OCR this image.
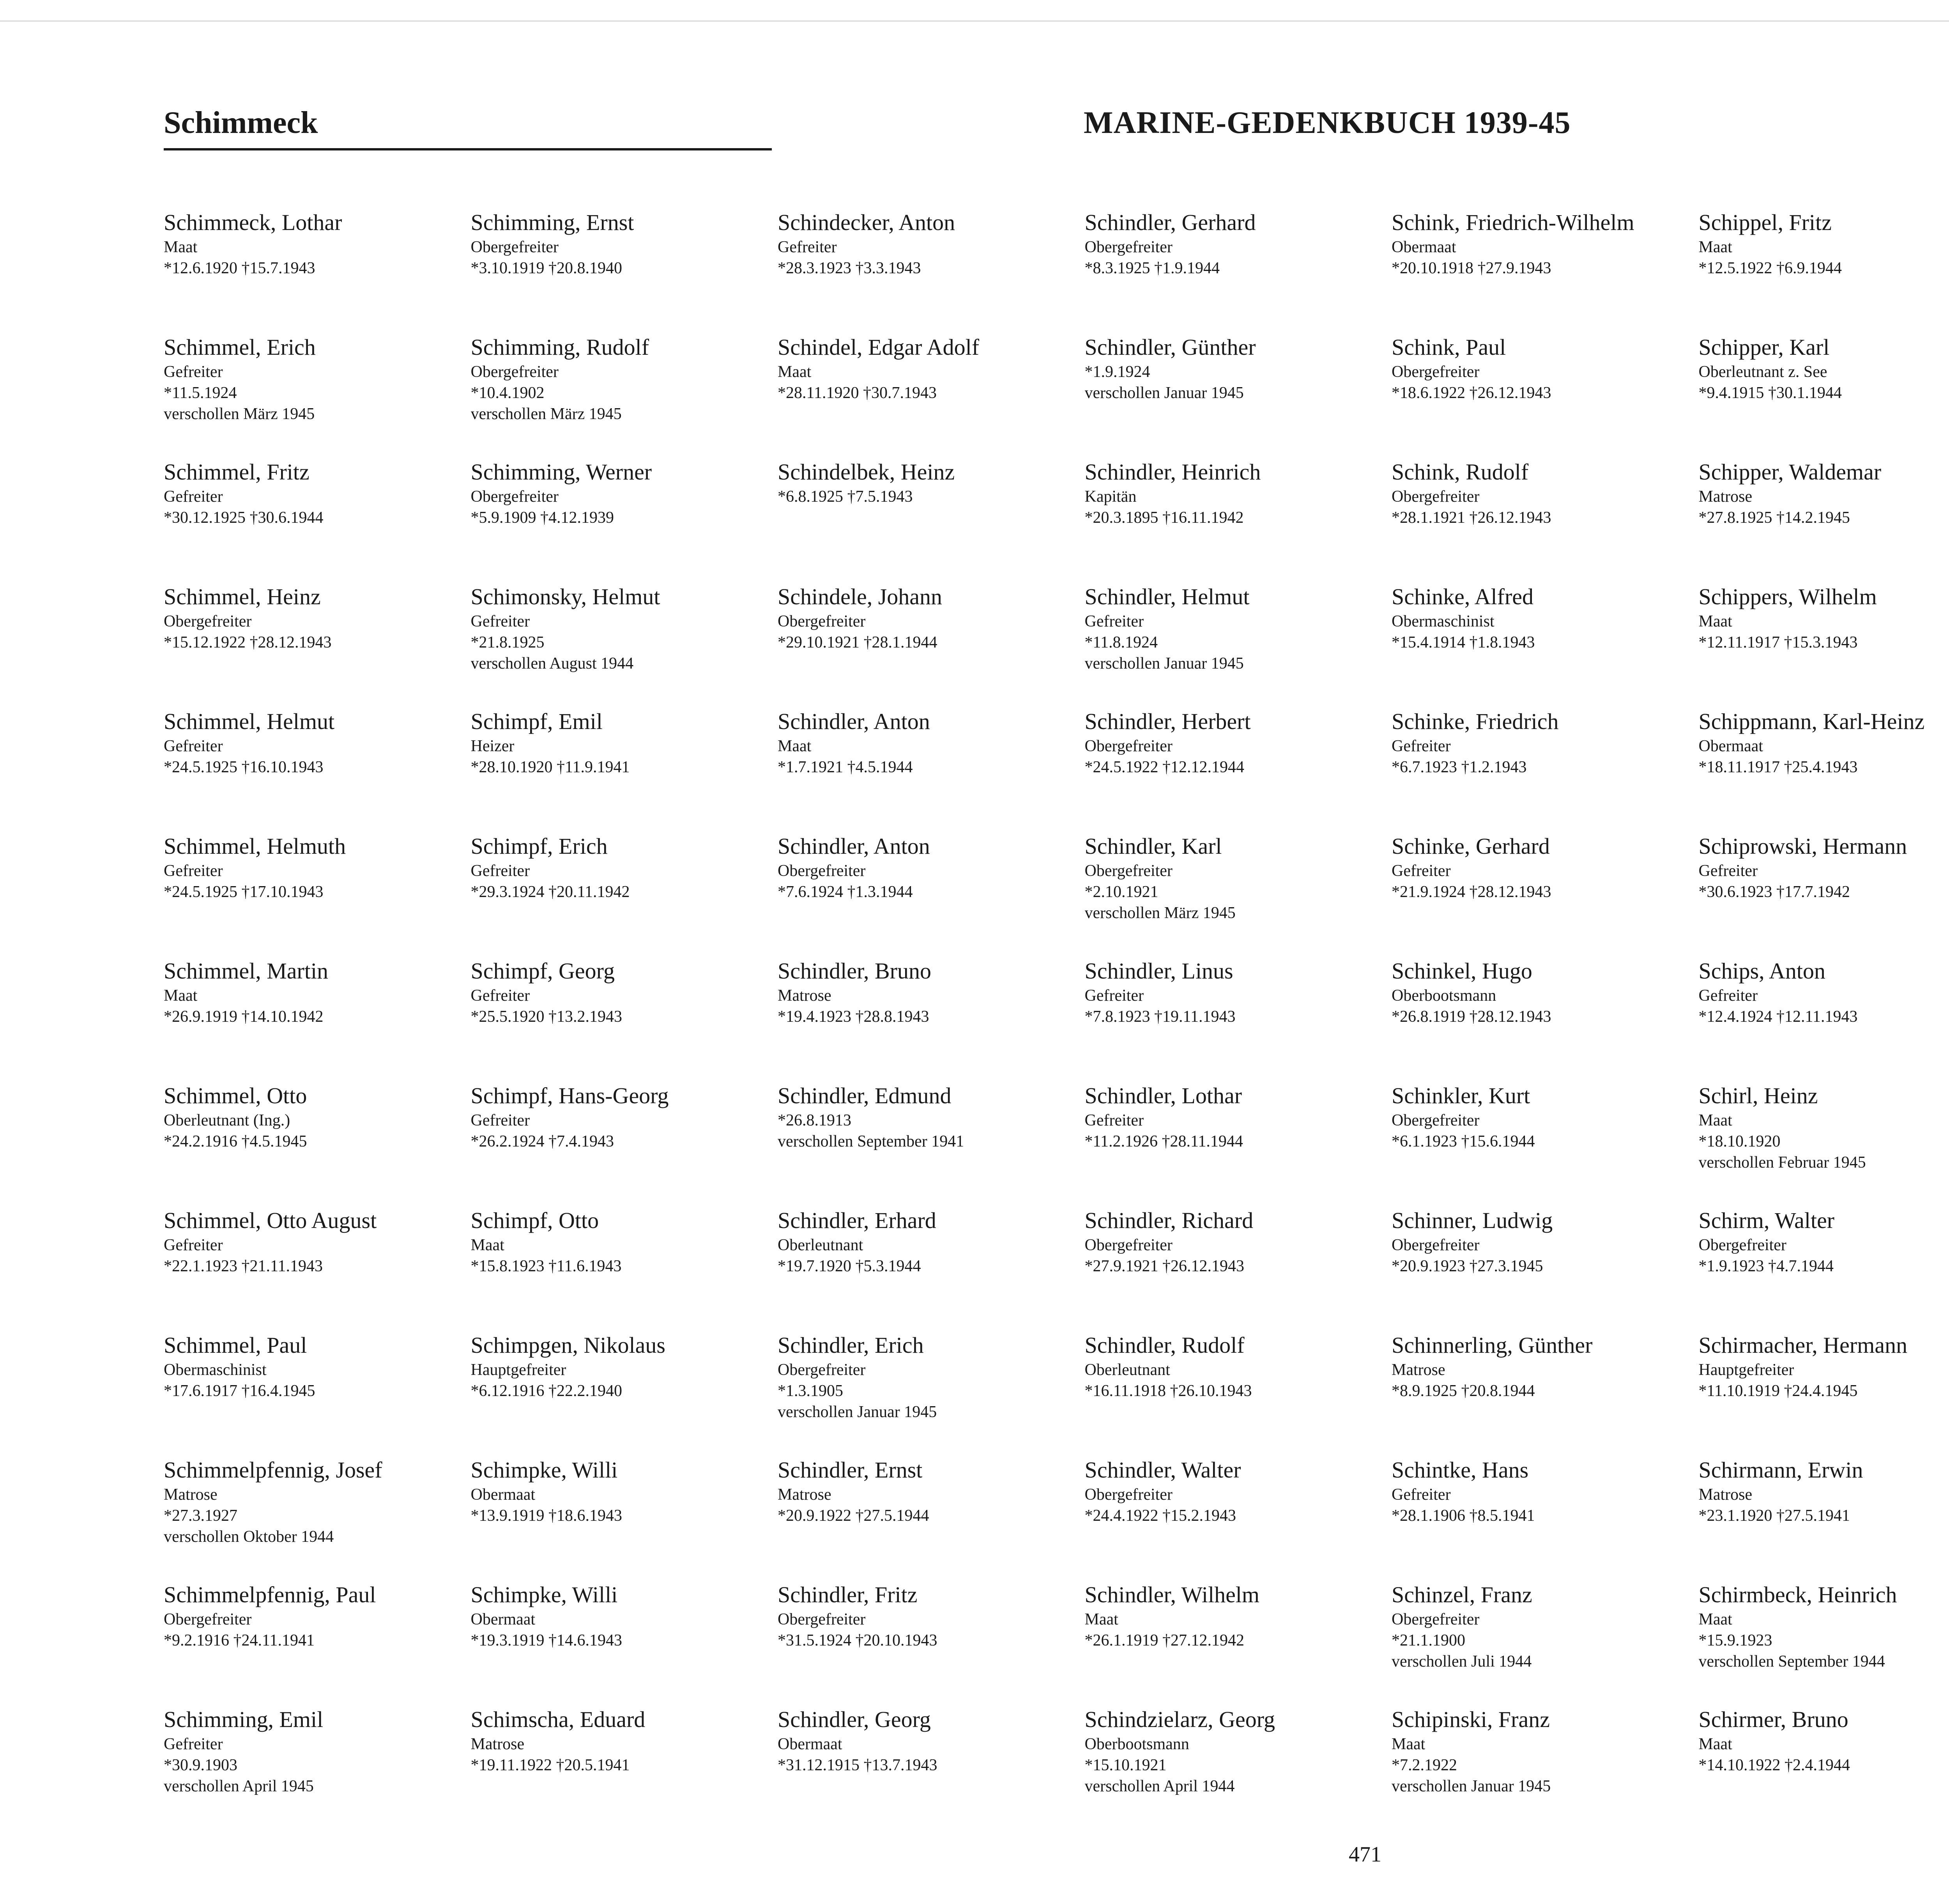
Schimmeck	MARINE-GEDENKBUCH 1939-45
Schimmeck, Lothar
Maat
*12.6.1920 †15.7.1943
Schimmel, Erich
Gefreiter
*11.5.1924
verschollen März 1945
Schimmel, Fritz
Gefreiter
*30.12.1925 †30.6.1944
Schimmel, Heinz
Obergefreiter
*15.12.1922 †28.12.1943
Schimmel, Helmut
Gefreiter
*24.5.1925 †16.10.1943
Schimmel, Helmuth
Gefreiter
*24.5.1925 †17.10.1943
Schimmel, Martin
Maat
*26.9.1919 †14.10.1942
Schimmel, Otto
Oberleutnant (Ing.)
*24.2.1916 †4.5.1945
Schimmel, Otto August
Gefreiter
*22.1.1923 †21.11.1943
Schimmel, Paul
Obermaschinist
*17.6.1917 †16.4.1945
Schimmelpfennig, Josef
Matrose
*27.3.1927
verschollen Oktober 1944
Schimmelpfennig, Paul
Obergefreiter
*9.2.1916 †24.11.1941
Schimming, Emil
Gefreiter
*30.9.1903
verschollen April 1945
Schimming, Ernst
Obergefreiter
*3.10.1919 †20.8.1940
Schimming, Rudolf
Obergefreiter
*10.4.1902
verschollen März 1945
Schimming, Werner
Obergefreiter
*5.9.1909 †4.12.1939
Schimonsky, Helmut
Gefreiter
*21.8.1925
verschollen August 1944
Schimpf, Emil
Heizer
*28.10.1920 †11.9.1941
Schimpf, Erich
Gefreiter
*29.3.1924 †20.11.1942
Schimpf, Georg
Gefreiter
*25.5.1920 †13.2.1943
Schimpf, Hans-Georg
Gefreiter
*26.2.1924 †7.4.1943
Schimpf, Otto
Maat
*15.8.1923 †11.6.1943
Schimpgen, Nikolaus
Hauptgefreiter
*6.12.1916 †22.2.1940
Schimpke, Willi
Obermaat
*13.9.1919 †18.6.1943
Schimpke, Willi
Obermaat
*19.3.1919 †14.6.1943
Schimscha, Eduard
Matrose
*19.11.1922 †20.5.1941
Schindecker, Anton
Gefreiter
*28.3.1923 †3.3.1943
Schindel, Edgar Adolf
Maat
*28.11.1920 †30.7.1943
Schindelbek, Heinz
*6.8.1925 †7.5.1943
Schindele, Johann
Obergefreiter
*29.10.1921 †28.1.1944
Schindler, Anton
Maat
*1.7.1921 †4.5.1944
Schindler, Anton
Obergefreiter
*7.6.1924 †1.3.1944
Schindler, Bruno
Matrose
*19.4.1923 †28.8.1943
Schindler, Edmund
*26.8.1913
verschollen September 1941
Schindler, Erhard
Oberleutnant
*19.7.1920 †5.3.1944
Schindler, Erich
Obergefreiter
*1.3.1905
verschollen Januar 1945
Schindler, Ernst
Matrose
*20.9.1922 †27.5.1944
Schindler, Fritz
Obergefreiter
*31.5.1924 †20.10.1943
Schindler, Georg
Obermaat
*31.12.1915 †13.7.1943
Schindler, Gerhard
Obergefreiter
*8.3.1925 †1.9.1944
Schindler, Günther
*1.9.1924
verschollen Januar 1945
Schindler, Heinrich
Kapitän
*20.3.1895 †16.11.1942
Schindler, Helmut
Gefreiter
*11.8.1924
verschollen Januar 1945
Schindler, Herbert
Obergefreiter
*24.5.1922 †12.12.1944
Schindler, Karl
Obergefreiter
*2.10.1921
verschollen März 1945
Schindler, Linus
Gefreiter
*7.8.1923 †19.11.1943
Schindler, Lothar
Gefreiter
*11.2.1926 †28.11.1944
Schindler, Richard
Obergefreiter
*27.9.1921 †26.12.1943
Schindler, Rudolf
Oberleutnant
*16.11.1918 †26.10.1943
Schindler, Walter
Obergefreiter
*24.4.1922 †15.2.1943
Schindler, Wilhelm
Maat
*26.1.1919 †27.12.1942
Schindzielarz, Georg
Oberbootsmann
*15.10.1921
verschollen April 1944
Schink, Friedrich-Wilhelm
Obermaat
*20.10.1918 †27.9.1943
Schink, Paul
Obergefreiter
*18.6.1922 †26.12.1943
Schink, Rudolf
Obergefreiter
*28.1.1921 †26.12.1943
Schinke, Alfred
Obermaschinist
*15.4.1914 †1.8.1943
Schinke, Friedrich
Gefreiter
*6.7.1923 †1.2.1943
Schinke, Gerhard
Gefreiter
*21.9.1924 †28.12.1943
Schinkel, Hugo
Oberbootsmann
*26.8.1919 †28.12.1943
Schinkler, Kurt
Obergefreiter
*6.1.1923 †15.6.1944
Schinner, Ludwig
Obergefreiter
*20.9.1923 †27.3.1945
Schinnerling, Günther
Matrose
*8.9.1925 †20.8.1944
Schintke, Hans
Gefreiter
*28.1.1906 †8.5.1941
Schinzel, Franz
Obergefreiter
*21.1.1900
verschollen Juli 1944
Schipinski, Franz
Maat
*7.2.1922
verschollen Januar 1945
Schippel, Fritz
Maat
*12.5.1922 †6.9.1944
Schipper, Karl
Oberleutnant z. See
*9.4.1915 †30.1.1944
Schipper, Waldemar
Matrose
*27.8.1925 †14.2.1945
Schippers, Wilhelm
Maat
*12.11.1917 †15.3.1943
Schippmann, Karl-Heinz
Obermaat
*18.11.1917 †25.4.1943
Schiprowski, Hermann
Gefreiter
*30.6.1923 †17.7.1942
Schips, Anton
Gefreiter
*12.4.1924 †12.11.1943
Schirl, Heinz
Maat
*18.10.1920
verschollen Februar 1945
Schirm, Walter
Obergefreiter
*1.9.1923 †4.7.1944
Schirmacher, Hermann
Hauptgefreiter
*11.10.1919 †24.4.1945
Schirmann, Erwin
Matrose
*23.1.1920 †27.5.1941
Schirmbeck, Heinrich
Maat
*15.9.1923
verschollen September 1944
Schirmer, Bruno
Maat
*14.10.1922 †2.4.1944
471
